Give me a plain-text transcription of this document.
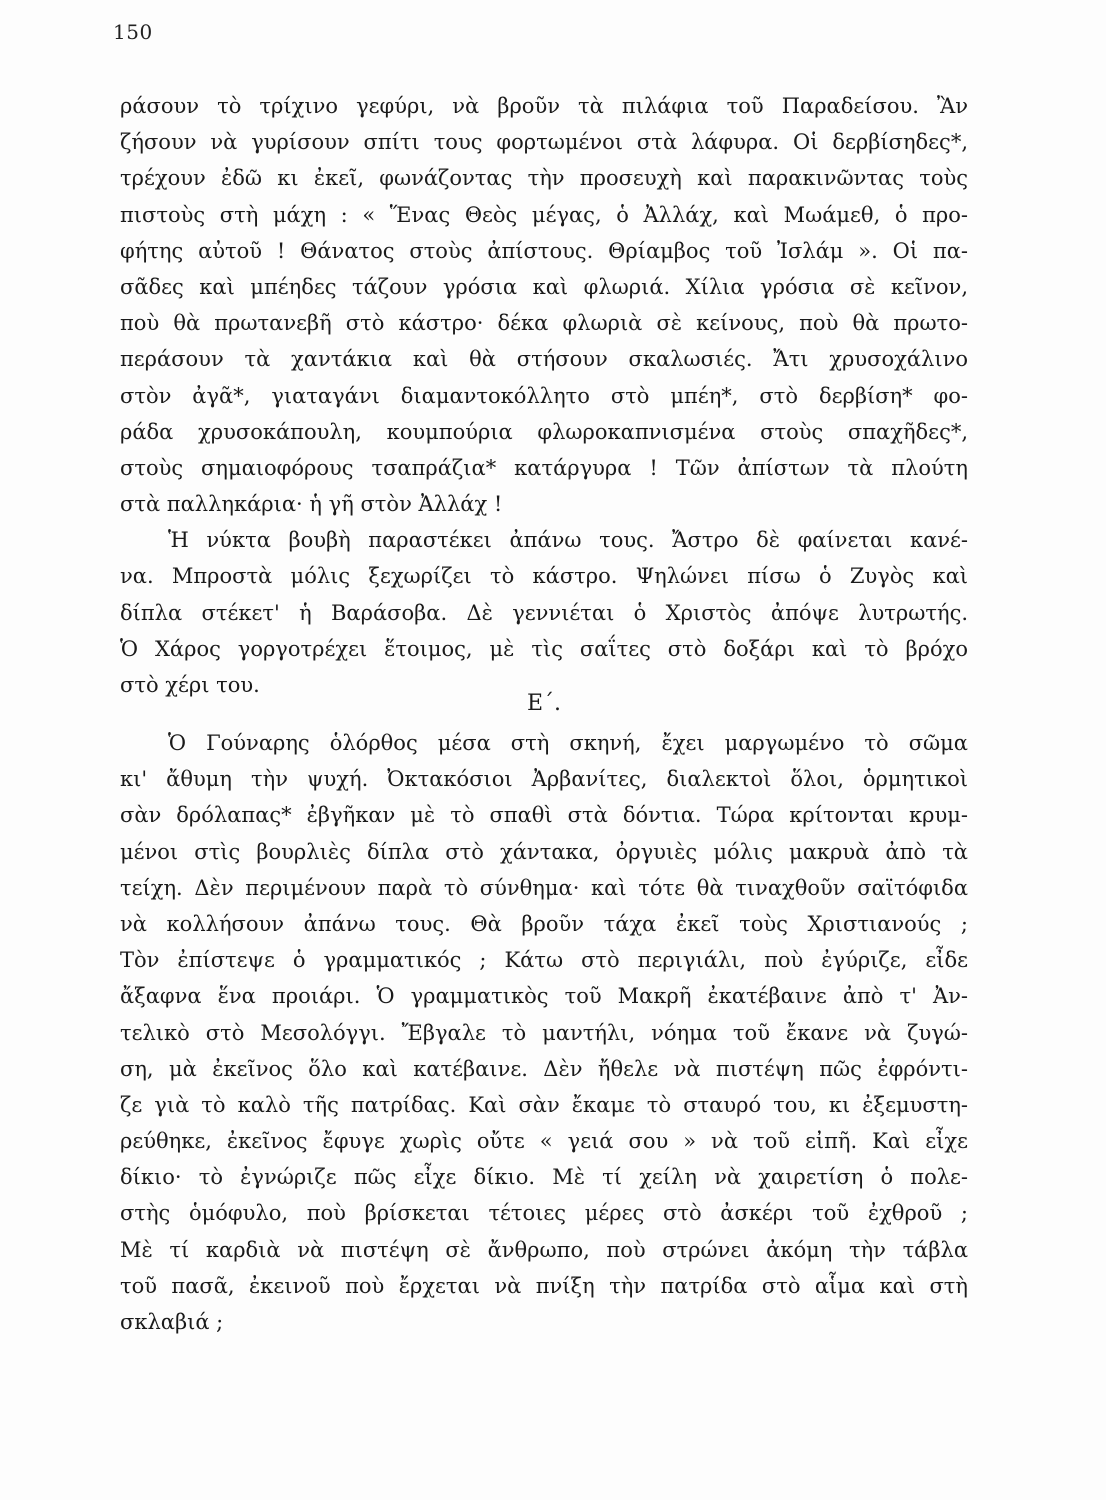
150
ράσουν τὸ τρίχινο γεφύρι, νὰ βροῦν τὰ πιλάφια τοῦ Παραδείσου. Ἂν
ζήσουν νὰ γυρίσουν σπίτι τους φορτωμένοι στὰ λάφυρα. Οἱ δερβίσηδες*,
τρέχουν ἐδῶ κι ἐκεῖ, φωνάζοντας τὴν προσευχὴ καὶ παρακινῶντας τοὺς
πιστοὺς στὴ μάχη : « Ἕνας Θεὸς μέγας, ὁ Ἀλλάχ, καὶ Μωάμεθ, ὁ προ-
φήτης αὐτοῦ ! Θάνατος στοὺς ἀπίστους. Θρίαμβος τοῦ Ἰσλάμ ». Οἱ πα-
σᾶδες καὶ μπέηδες τάζουν γρόσια καὶ φλωριά. Χίλια γρόσια σὲ κεῖνον,
ποὺ θὰ πρωτανεβῆ στὸ κάστρο· δέκα φλωριὰ σὲ κείνους, ποὺ θὰ πρωτο-
περάσουν τὰ χαντάκια καὶ θὰ στήσουν σκαλωσιές. Ἄτι χρυσοχάλινο
στὸν ἀγᾶ*, γιαταγάνι διαμαντοκόλλητο στὸ μπέη*, στὸ δερβίση* φο-
ράδα χρυσοκάπουλη, κουμπούρια φλωροκαπνισμένα στοὺς σπαχῆδες*,
στοὺς σημαιοφόρους τσαπράζια* κατάργυρα ! Τῶν ἀπίστων τὰ πλούτη
στὰ παλληκάρια· ἡ γῆ στὸν Ἀλλάχ !
Ἡ νύκτα βουβὴ παραστέκει ἀπάνω τους. Ἄστρο δὲ φαίνεται κανέ-
να. Μπροστὰ μόλις ξεχωρίζει τὸ κάστρο. Ψηλώνει πίσω ὁ Ζυγὸς καὶ
δίπλα στέκετ' ἡ Βαράσοβα. Δὲ γεννιέται ὁ Χριστὸς ἀπόψε λυτρωτής.
Ὁ Χάρος γοργοτρέχει ἕτοιμος, μὲ τὶς σαΐτες στὸ δοξάρι καὶ τὸ βρόχο
στὸ χέρι του.
Ε΄.
Ὁ Γούναρης ὁλόρθος μέσα στὴ σκηνή, ἔχει μαργωμένο τὸ σῶμα
κι' ἄθυμη τὴν ψυχή. Ὀκτακόσιοι Ἀρβανίτες, διαλεκτοὶ ὅλοι, ὁρμητικοὶ
σὰν δρόλαπας* ἐβγῆκαν μὲ τὸ σπαθὶ στὰ δόντια. Τώρα κρίτονται κρυμ-
μένοι στὶς βουρλιὲς δίπλα στὸ χάντακα, ὀργυιὲς μόλις μακρυὰ ἀπὸ τὰ
τείχη. Δὲν περιμένουν παρὰ τὸ σύνθημα· καὶ τότε θὰ τιναχθοῦν σαϊτόφιδα
νὰ κολλήσουν ἀπάνω τους. Θὰ βροῦν τάχα ἐκεῖ τοὺς Χριστιανούς ;
Τὸν ἐπίστεψε ὁ γραμματικός ; Κάτω στὸ περιγιάλι, ποὺ ἐγύριζε, εἶδε
ἄξαφνα ἕνα προιάρι. Ὁ γραμματικὸς τοῦ Μακρῆ ἐκατέβαινε ἀπὸ τ' Ἀν-
τελικὸ στὸ Μεσολόγγι. Ἔβγαλε τὸ μαντήλι, νόημα τοῦ ἔκανε νὰ ζυγώ-
ση, μὰ ἐκεῖνος ὅλο καὶ κατέβαινε. Δὲν ἤθελε νὰ πιστέψη πῶς ἐφρόντι-
ζε γιὰ τὸ καλὸ τῆς πατρίδας. Καὶ σὰν ἔκαμε τὸ σταυρό του, κι ἐξεμυστη-
ρεύθηκε, ἐκεῖνος ἔφυγε χωρὶς οὔτε « γειά σου » νὰ τοῦ εἰπῆ. Καὶ εἶχε
δίκιο· τὸ ἐγνώριζε πῶς εἶχε δίκιο. Μὲ τί χείλη νὰ χαιρετίση ὁ πολε-
στὴς ὁμόφυλο, ποὺ βρίσκεται τέτοιες μέρες στὸ ἀσκέρι τοῦ ἐχθροῦ ;
Μὲ τί καρδιὰ νὰ πιστέψη σὲ ἄνθρωπο, ποὺ στρώνει ἀκόμη τὴν τάβλα
τοῦ πασᾶ, ἐκεινοῦ ποὺ ἔρχεται νὰ πνίξη τὴν πατρίδα στὸ αἷμα καὶ στὴ
σκλαβιά ;
